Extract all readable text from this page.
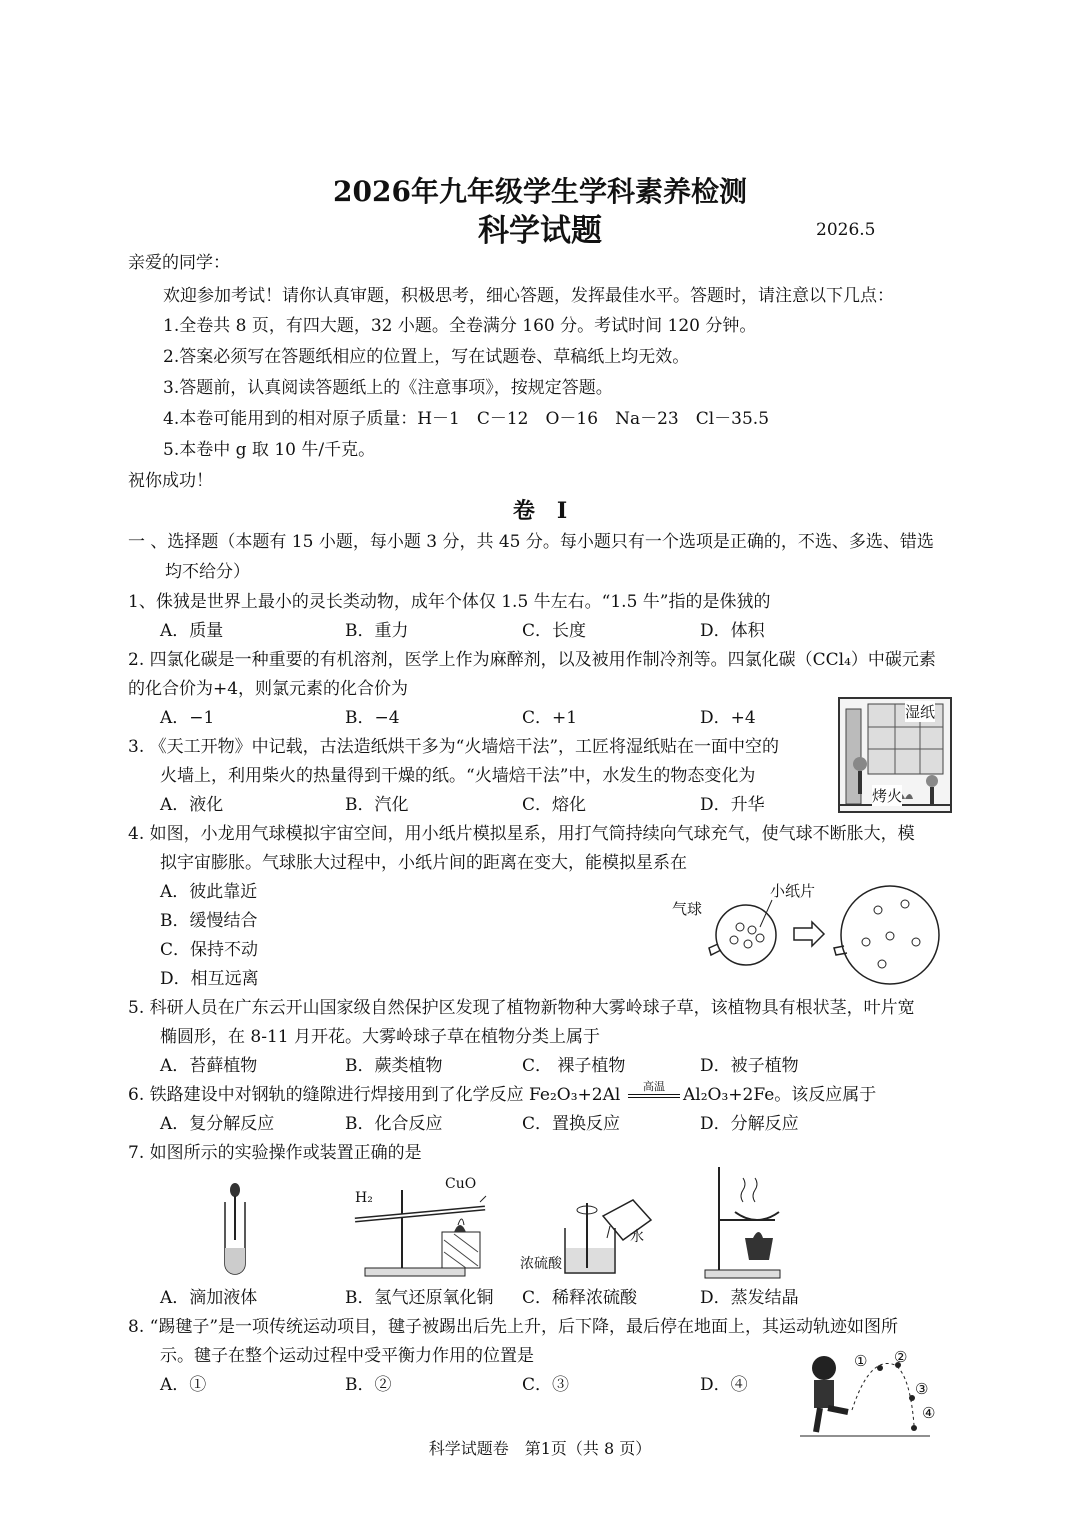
2026年九年级学生学科素养检测
科学试题	2026.5
亲爱的同学：
欢迎参加考试！请你认真审题，积极思考，细心答题，发挥最佳水平。答题时，请注意以下几点：
1.全卷共 8 页，有四大题，32 小题。全卷满分 160 分。考试时间 120 分钟。
2.答案必须写在答题纸相应的位置上，写在试题卷、草稿纸上均无效。
3.答题前，认真阅读答题纸上的《注意事项》，按规定答题。
4.本卷可能用到的相对原子质量：H－1　C－12　O－16　Na－23　Cl－35.5
5.本卷中 g 取 10 牛/千克。
祝你成功！
卷　I
一 、选择题（本题有 15 小题，每小题 3 分，共 45 分。每小题只有一个选项是正确的，不选、多选、错选
均不给分）
1、侏狨是世界上最小的灵长类动物，成年个体仅 1.5 牛左右。“1.5 牛”指的是侏狨的
A．质量	B．重力	C．长度	D．体积
2. 四氯化碳是一种重要的有机溶剂，医学上作为麻醉剂，以及被用作制冷剂等。四氯化碳（CCl₄）中碳元素
的化合价为+4，则氯元素的化合价为
A．−1	B．−4	C．+1	D．+4
3. 《天工开物》中记载，古法造纸烘干多为“火墙焙干法”，工匠将湿纸贴在一面中空的
火墙上，利用柴火的热量得到干燥的纸。“火墙焙干法”中，水发生的物态变化为
A．液化	B．汽化	C．熔化	D．升华
湿纸
烤火
4. 如图，小龙用气球模拟宇宙空间，用小纸片模拟星系，用打气筒持续向气球充气，使气球不断胀大，模
拟宇宙膨胀。气球胀大过程中，小纸片间的距离在变大，能模拟星系在
A．彼此靠近
B．缓慢结合
C．保持不动
D．相互远离
气球
小纸片
5. 科研人员在广东云开山国家级自然保护区发现了植物新物种大雾岭球子草，该植物具有根状茎，叶片宽
椭圆形，在 8-11 月开花。大雾岭球子草在植物分类上属于
A．苔藓植物	B．蕨类植物	C． 裸子植物	D．被子植物
6. 铁路建设中对钢轨的缝隙进行焊接用到了化学反应 Fe₂O₃+2Al	高温	Al₂O₃+2Fe。该反应属于
A．复分解反应	B．化合反应	C．置换反应	D．分解反应
7. 如图所示的实验操作或装置正确的是
H₂
CuO
浓硫酸
水
A．滴加液体	B．氢气还原氧化铜 C．稀释浓硫酸	D．蒸发结晶
8. “踢毽子”是一项传统运动项目，毽子被踢出后先上升，后下降，最后停在地面上，其运动轨迹如图所
示。毽子在整个运动过程中受平衡力作用的位置是
A．①	B．②	C．③	D．④
① ②
③
④
科学试题卷　第1页（共 8 页）
